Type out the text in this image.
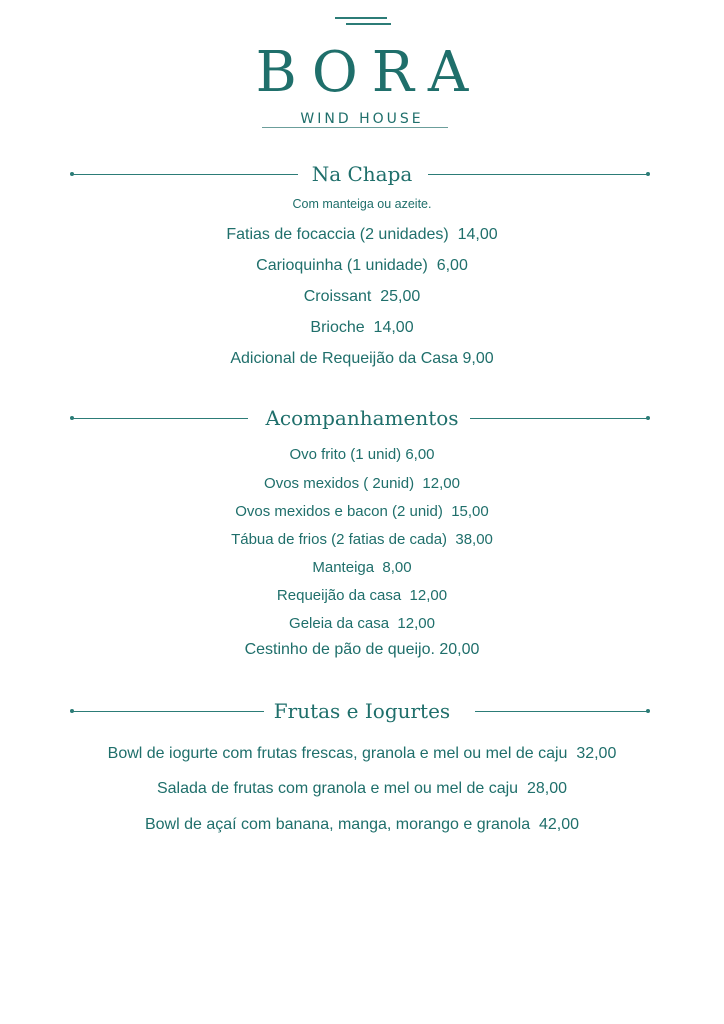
BORA
WIND HOUSE
Na Chapa
Com manteiga ou azeite.
Fatias de focaccia (2 unidades)  14,00
Carioquinha (1 unidade)  6,00
Croissant  25,00
Brioche  14,00
Adicional de Requeijão da Casa 9,00
Acompanhamentos
Ovo frito (1 unid) 6,00
Ovos mexidos ( 2unid)  12,00
Ovos mexidos e bacon (2 unid)  15,00
Tábua de frios (2 fatias de cada)  38,00
Manteiga  8,00
Requeijão da casa  12,00
Geleia da casa  12,00
Cestinho de pão de queijo. 20,00
Frutas e Iogurtes
Bowl de iogurte com frutas frescas, granola e mel ou mel de caju  32,00
Salada de frutas com granola e mel ou mel de caju  28,00
Bowl de açaí com banana, manga, morango e granola  42,00
